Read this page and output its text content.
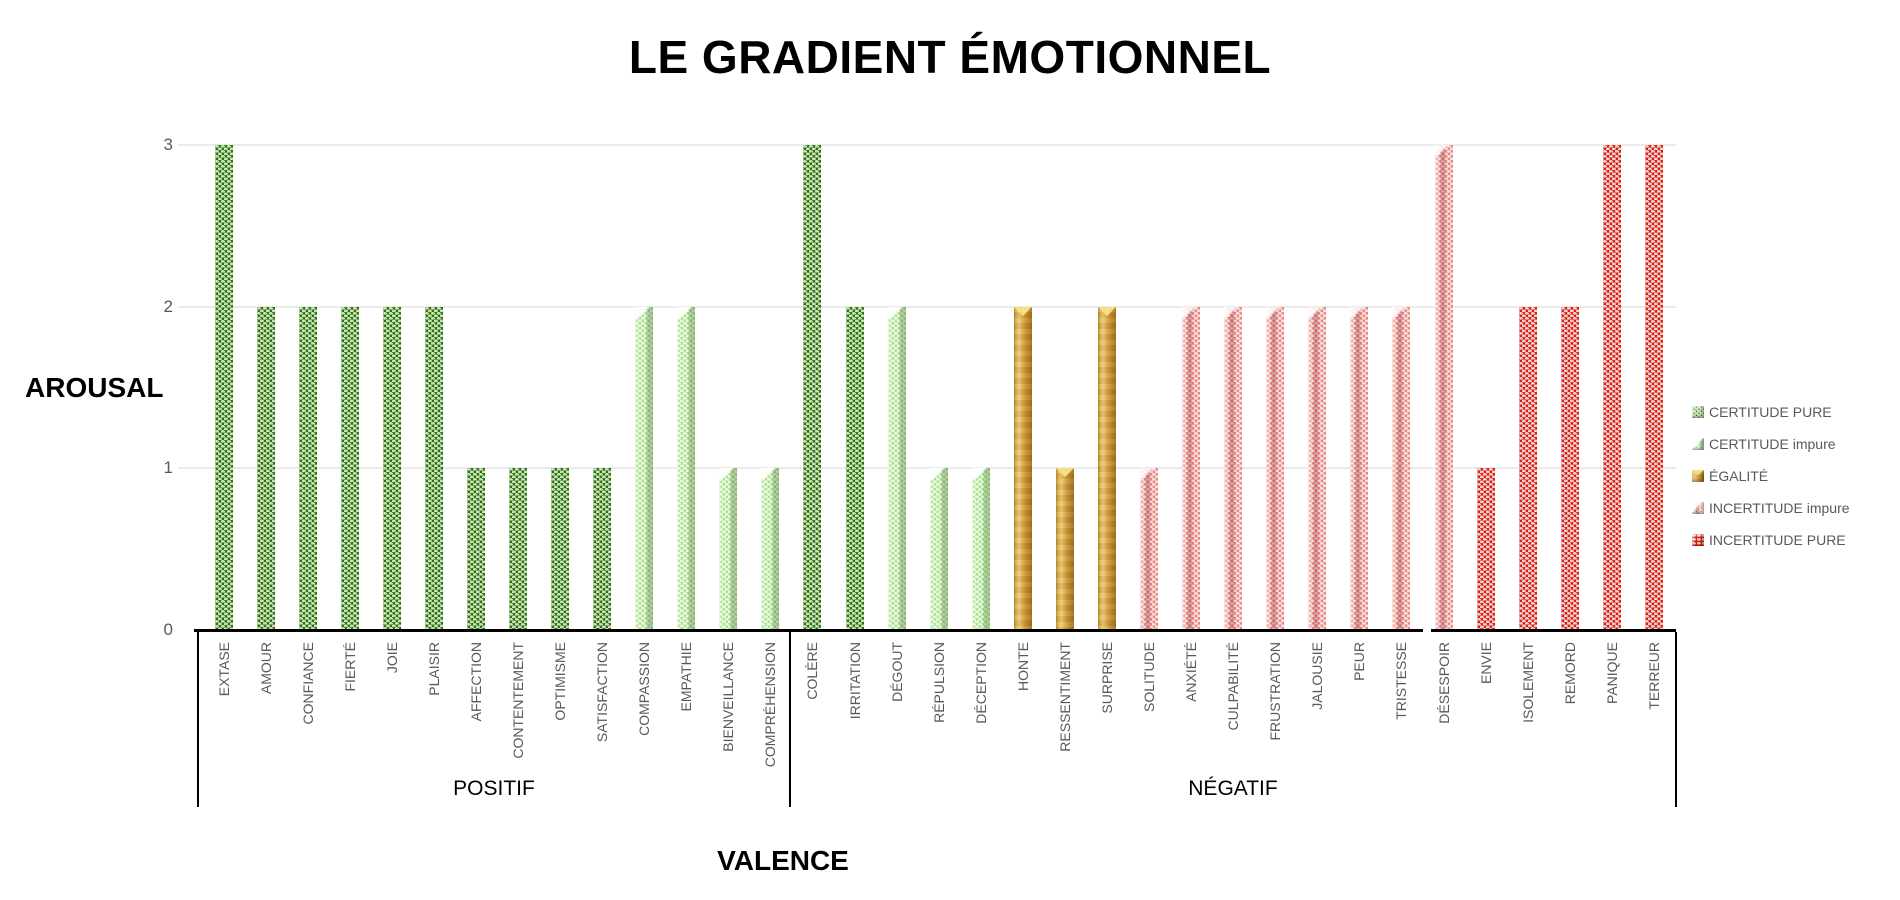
LE GRADIENT ÉMOTIONNEL
AROUSAL
VALENCE
3
2
1
0
EXTASE AMOUR CONFIANCE FIERTÉ JOIE PLAISIR AFFECTION CONTENTEMENT OPTIMISME SATISFACTION COMPASSION EMPATHIE BIENVEILLANCE COMPRÉHENSION COLÈRE IRRITATION DÉGOUT RÉPULSION DÉCEPTION HONTE RESSENTIMENT SURPRISE SOLITUDE ANXIÉTÉ CULPABILITÉ FRUSTRATION JALOUSIE PEUR TRISTESSE DÉSESPOIR ENVIE ISOLEMENT REMORD PANIQUE TERREUR
POSITIF	NÉGATIF
CERTITUDE PURE
CERTITUDE impure
ÉGALITÉ
INCERTITUDE impure
INCERTITUDE PURE
